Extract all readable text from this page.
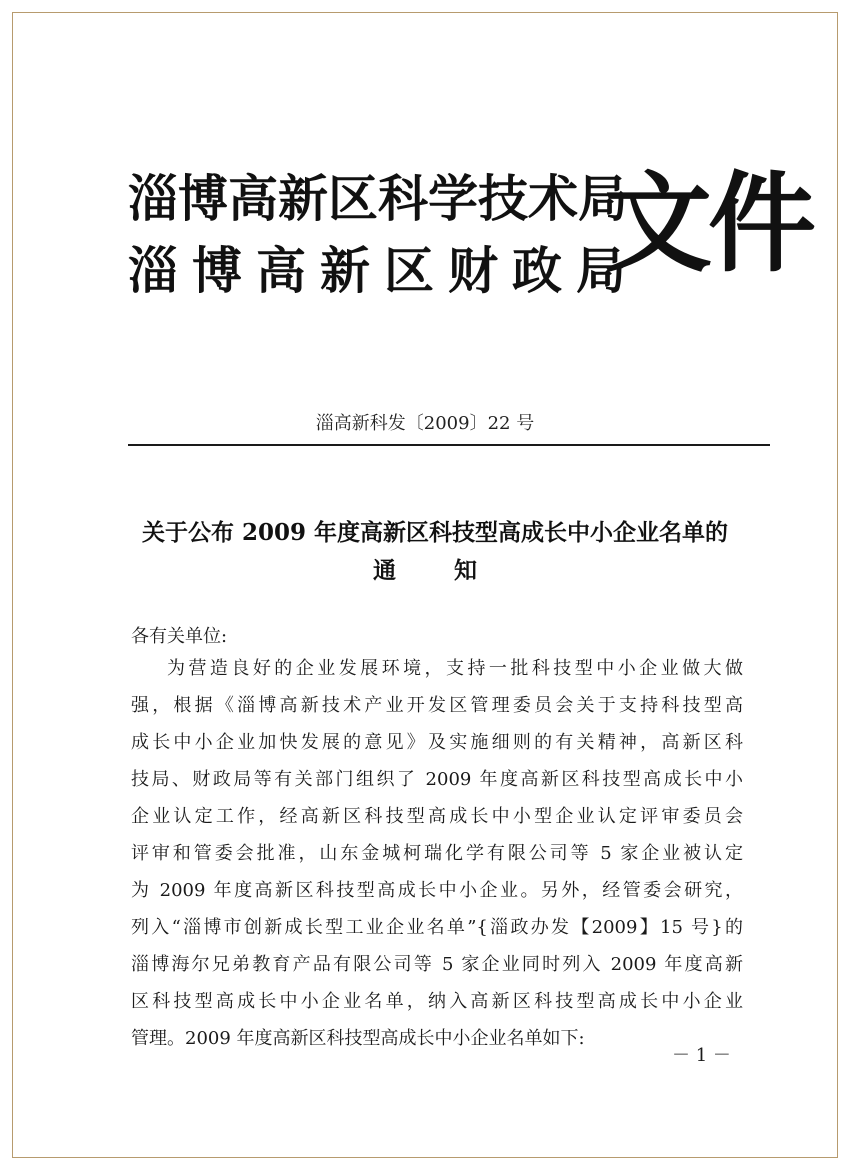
淄博高新区科学技术局
淄博高新区财政局
文件
淄高新科发〔2009〕22 号
关于公布 2009 年度高新区科技型高成长中小企业名单的
通知
各有关单位:
为营造良好的企业发展环境，支持一批科技型中小企业做大做
强，根据《淄博高新技术产业开发区管理委员会关于支持科技型高
成长中小企业加快发展的意见》及实施细则的有关精神，高新区科
技局、财政局等有关部门组织了 2009 年度高新区科技型高成长中小
企业认定工作，经高新区科技型高成长中小型企业认定评审委员会
评审和管委会批准，山东金城柯瑞化学有限公司等 5 家企业被认定
为 2009 年度高新区科技型高成长中小企业。另外，经管委会研究，
列入“淄博市创新成长型工业企业名单”{淄政办发【2009】15 号}的
淄博海尔兄弟教育产品有限公司等 5 家企业同时列入 2009 年度高新
区科技型高成长中小企业名单，纳入高新区科技型高成长中小企业
管理。2009 年度高新区科技型高成长中小企业名单如下:
－ 1 －
